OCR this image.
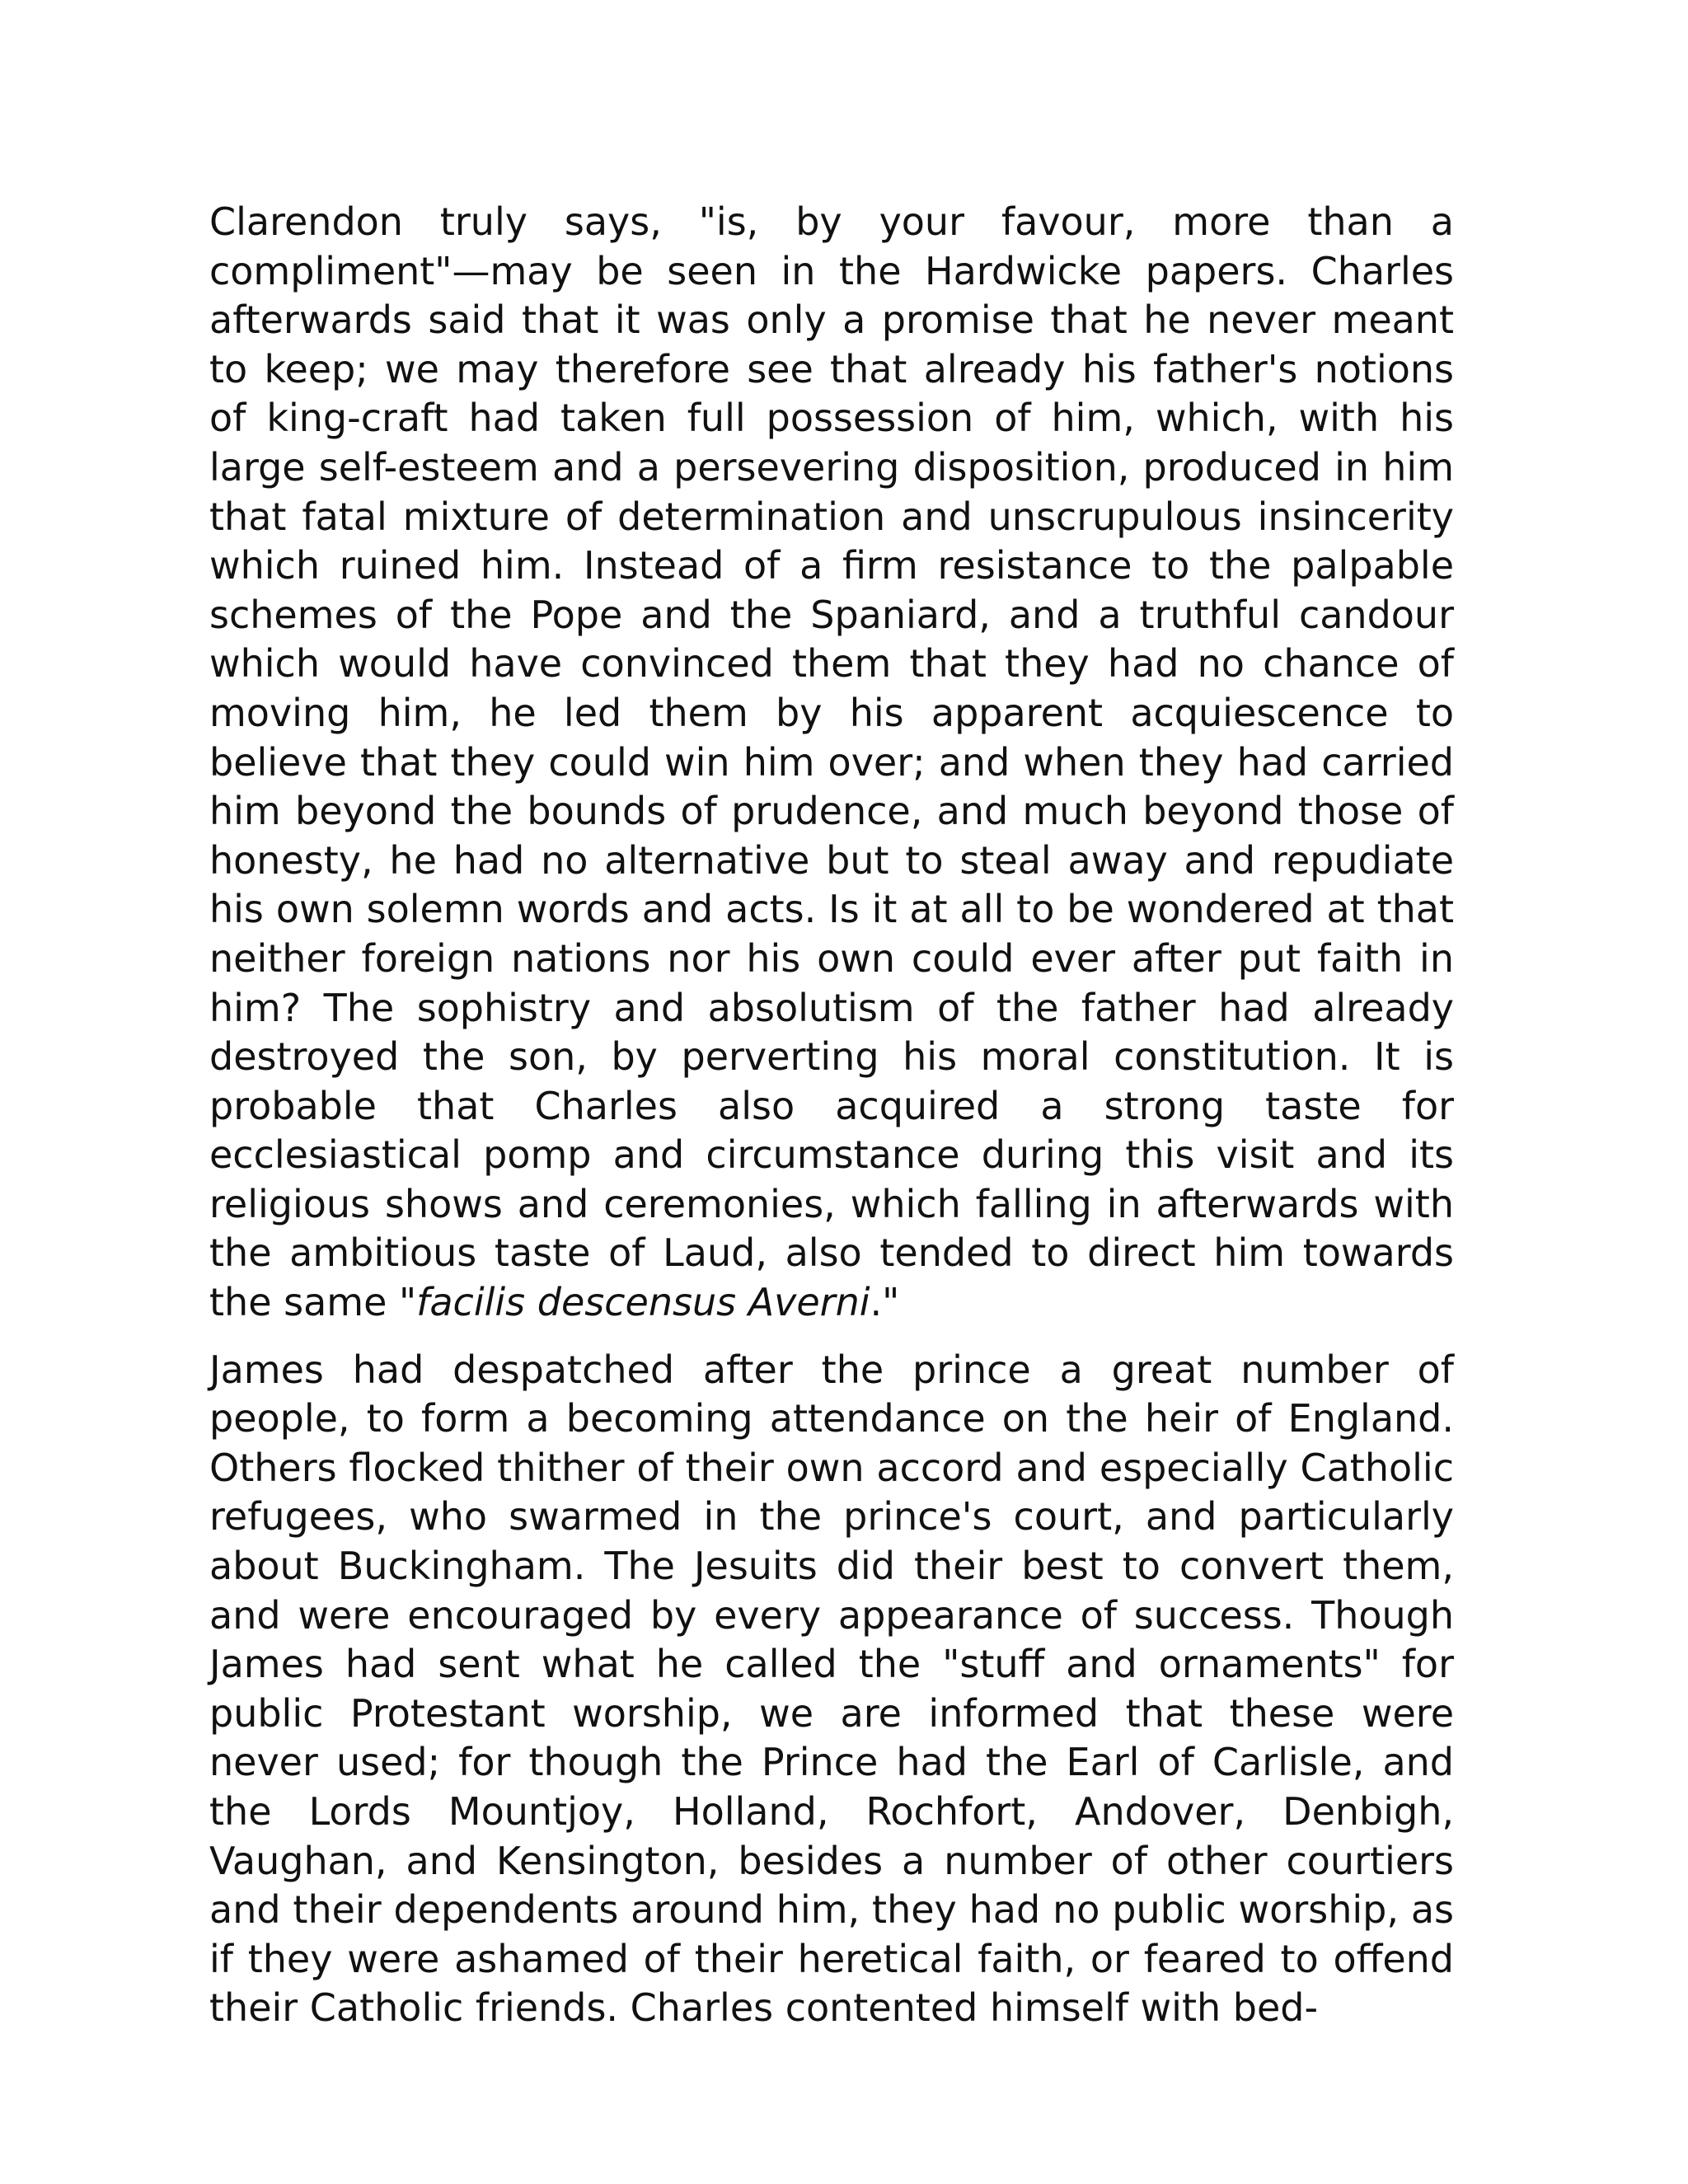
Clarendon truly says, "is, by your favour, more than a compliment"—may be seen in the Hardwicke papers. Charles afterwards said that it was only a promise that he never meant to keep; we may therefore see that already his father's notions of king-craft had taken full possession of him, which, with his large self-esteem and a persevering disposition, produced in him that fatal mixture of determination and unscrupulous insincerity which ruined him. Instead of a firm resistance to the palpable schemes of the Pope and the Spaniard, and a truthful candour which would have convinced them that they had no chance of moving him, he led them by his apparent acquiescence to believe that they could win him over; and when they had carried him beyond the bounds of prudence, and much beyond those of honesty, he had no alternative but to steal away and repudiate his own solemn words and acts. Is it at all to be wondered at that neither foreign nations nor his own could ever after put faith in him? The sophistry and absolutism of the father had already destroyed the son, by perverting his moral constitution. It is probable that Charles also acquired a strong taste for ecclesiastical pomp and circumstance during this visit and its religious shows and ceremonies, which falling in afterwards with the ambitious taste of Laud, also tended to direct him towards the same "facilis descensus Averni."

James had despatched after the prince a great number of people, to form a becoming attendance on the heir of England. Others flocked thither of their own accord and especially Catholic refugees, who swarmed in the prince's court, and particularly about Buckingham. The Jesuits did their best to convert them, and were encouraged by every appearance of success. Though James had sent what he called the "stuff and ornaments" for public Protestant worship, we are informed that these were never used; for though the Prince had the Earl of Carlisle, and the Lords Mountjoy, Holland, Rochfort, Andover, Denbigh, Vaughan, and Kensington, besides a number of other courtiers and their dependents around him, they had no public worship, as if they were ashamed of their heretical faith, or feared to offend their Catholic friends. Charles contented himself with bed-
